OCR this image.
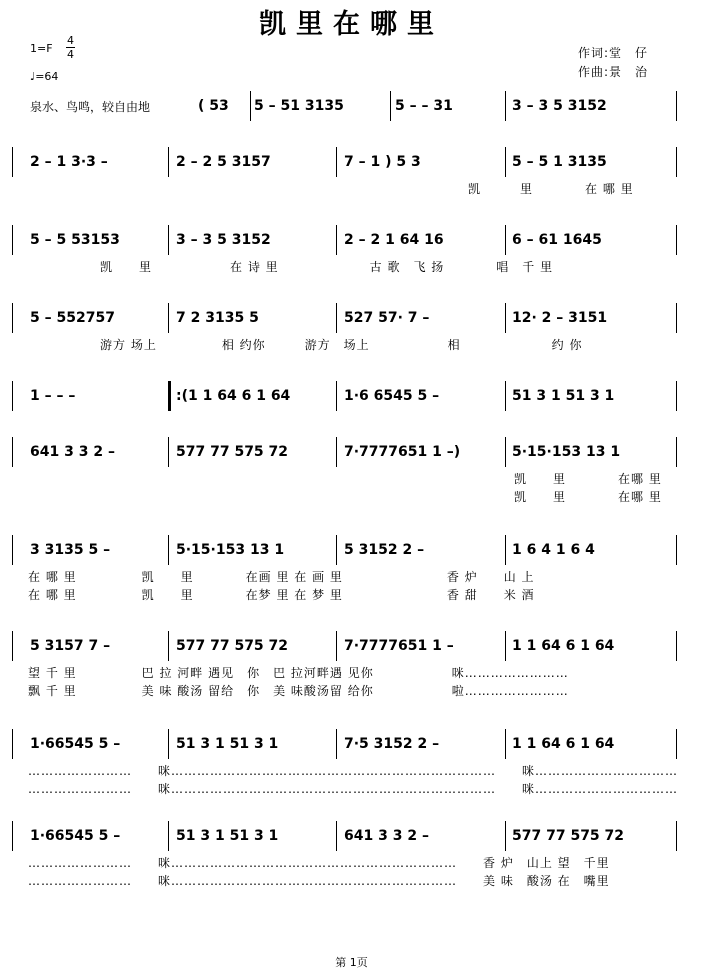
凯里在哪里
1=F
4
4
♩=64
作词:堂　仔
作曲:景　治
泉水、鸟鸣，较自由地	( 53 5 – 51 3135	5 – – 31	3 – 3 5 3152
2 – 1 3·3 –	2 – 2 5 3157	7 – 1 ) 5 3	5 – 5 1 3135
凯　　　里　　　　在 哪 里
5 – 5 53153	3 – 3 5 3152	2 – 2 1 64 16	6 – 61 1645
凯　　里　　　　　　在 诗 里　　　　　　　古 歌　飞 扬　　　　唱　千 里
5 – 552757	7 2 3135 5	527 57· 7 –	12· 2 – 3151
游方 场上　　　　　相 约你　　　游方　场上　　　　　　相　　　　　　　约 你
1 – – –	:(1 1 64 6 1 64	1·6 6545 5 –	51 3 1 51 3 1
641 3 3 2 –	577 77 575 72	7·7777651 1 –)	5·15·153 13 1
凯　　里　　　　在哪 里
凯　　里　　　　在哪 里
3 3135 5 –	5·15·153 13 1	5 3152 2 –	1 6 4 1 6 4
在 哪 里　　　　　凯　　里　　　　在画 里 在 画 里　　　　　　　　香 炉　　山 上
在 哪 里　　　　　凯　　里　　　　在梦 里 在 梦 里　　　　　　　　香 甜　　米 酒
5 3157 7 –	577 77 575 72	7·7777651 1 –	1 1 64 6 1 64
望 千 里　　　　　巴 拉 河畔 遇见　你　巴 拉河畔遇 见你　　　　　　咪……………………
飘 千 里　　　　　美 味 酸汤 留给　你　美 味酸汤留 给你　　　　　　啦……………………
1·66545 5 –	51 3 1 51 3 1	7·5 3152 2 –	1 1 64 6 1 64
……………………　　咪…………………………………………………………………　　咪……………………………
……………………　　咪…………………………………………………………………　　咪……………………………
1·66545 5 –	51 3 1 51 3 1	641 3 3 2 –	577 77 575 72
……………………　　咪…………………………………………………………　　香 炉　山上 望　千里
……………………　　咪…………………………………………………………　　美 味　酸汤 在　嘴里
第 1页
